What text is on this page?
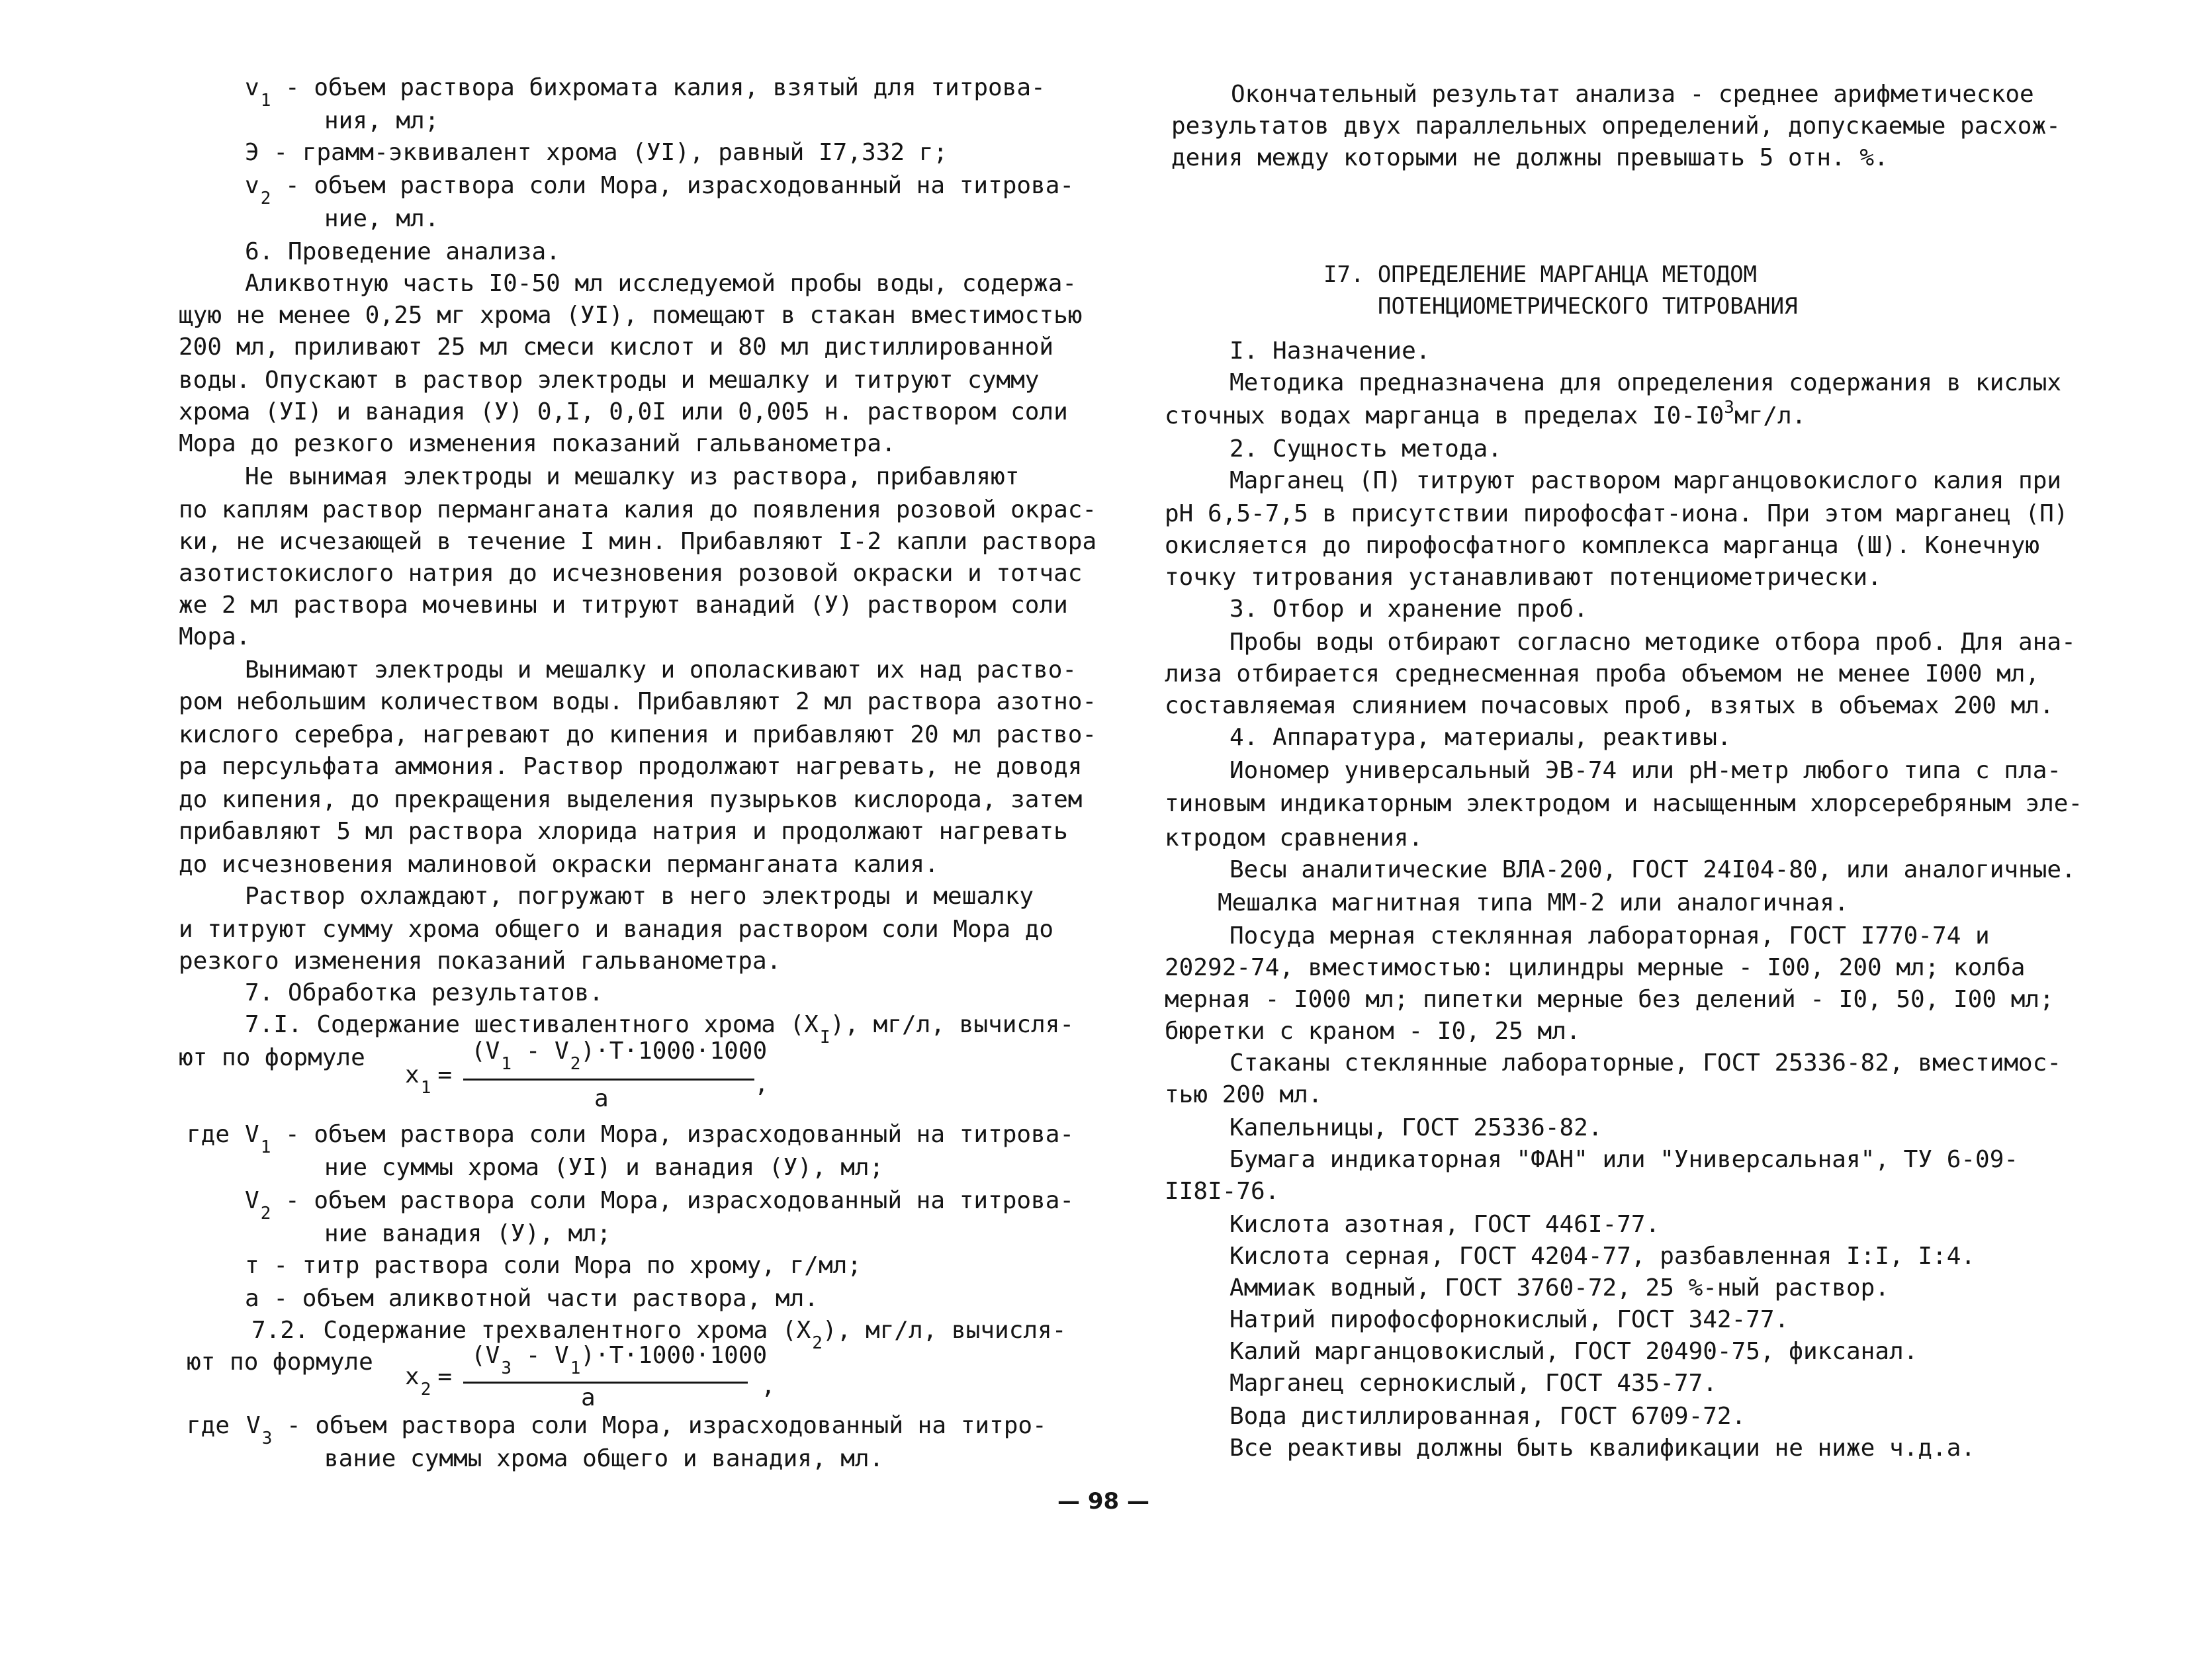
$v_1$ - объем раствора бихромата калия, взятый для титрова-
ния, мл;
Э - грамм-эквивалент хрома (УI), равный I7,332 г;
$v_2$ - объем раствора соли Мора, израсходованный на титрова-
ние, мл.
6. Проведение анализа.
Аликвотную часть I0-50 мл исследуемой пробы воды, содержа-
щую не менее 0,25 мг хрома (УI), помещают в стакан вместимостью
200 мл, приливают 25 мл смеси кислот и 80 мл дистиллированной
воды. Опускают в раствор электроды и мешалку и титруют сумму
хрома (УI) и ванадия (У) 0,I, 0,0I или 0,005 н. раствором соли
Мора до резкого изменения показаний гальванометра.
Не вынимая электроды и мешалку из раствора, прибавляют
по каплям раствор перманганата калия до появления розовой окрас-
ки, не исчезающей в течение I мин. Прибавляют I-2 капли раствора
азотистокислого натрия до исчезновения розовой окраски и тотчас
же 2 мл раствора мочевины и титруют ванадий (У) раствором соли
Мора.
Вынимают электроды и мешалку и ополаскивают их над раство-
ром небольшим количеством воды. Прибавляют 2 мл раствора азотно-
кислого серебра, нагревают до кипения и прибавляют 20 мл раство-
ра персульфата аммония. Раствор продолжают нагревать, не доводя
до кипения, до прекращения выделения пузырьков кислорода, затем
прибавляют 5 мл раствора хлорида натрия и продолжают нагревать
до исчезновения малиновой окраски перманганата калия.
Раствор охлаждают, погружают в него электроды и мешалку
и титруют сумму хрома общего и ванадия раствором соли Мора до
резкого изменения показаний гальванометра.
7. Обработка результатов.
7.I. Содержание шестивалентного хрома $(X_I)$, мг/л, вычисля-
ют по формуле
$x_1$ =
$(V_1 - V_2)\cdot Т\cdot 1000\cdot 1000$
а
,
где $V_1$ - объем раствора соли Мора, израсходованный на титрова-
ние суммы хрома (УI) и ванадия (У), мл;
$V_2$ - объем раствора соли Мора, израсходованный на титрова-
ние ванадия (У), мл;
т - титр раствора соли Мора по хрому, г/мл;
а - объем аликвотной части раствора, мл.
7.2. Содержание трехвалентного хрома $(X_2)$, мг/л, вычисля-
ют по формуле
$x_2$ =
$(V_3 - V_1)\cdot T\cdot 1000\cdot 1000$
а	,
где $V_3$ - объем раствора соли Мора, израсходованный на титро-
вание суммы хрома общего и ванадия, мл.
Окончательный результат анализа - среднее арифметическое
результатов двух параллельных определений, допускаемые расхож-
дения между которыми не должны превышать 5 отн. %.
I7. ОПРЕДЕЛЕНИЕ МАРГАНЦА МЕТОДОМ
ПОТЕНЦИОМЕТРИЧЕСКОГО ТИТРОВАНИЯ
I. Назначение.
Методика предназначена для определения содержания в кислых
сточных водах марганца в пределах $I0-I0^3мг/л$.
2. Сущность метода.
Марганец (П) титруют раствором марганцовокислого калия при
pH 6,5-7,5 в присутствии пирофосфат-иона. При этом марганец (П)
окисляется до пирофосфатного комплекса марганца (Ш). Конечную
точку титрования устанавливают потенциометрически.
3. Отбор и хранение проб.
Пробы воды отбирают согласно методике отбора проб. Для ана-
лиза отбирается среднесменная проба объемом не менее I000 мл,
составляемая слиянием почасовых проб, взятых в объемах 200 мл.
4. Аппаратура, материалы, реактивы.
Иономер универсальный ЭВ-74 или pH-метр любого типа с пла-
тиновым индикаторным электродом и насыщенным хлорсеребряным эле-
ктродом сравнения.
Весы аналитические ВЛА-200, ГОСТ 24I04-80, или аналогичные.
Мешалка магнитная типа ММ-2 или аналогичная.
Посуда мерная стеклянная лабораторная, ГОСТ I770-74 и
20292-74, вместимостью: цилиндры мерные - I00, 200 мл; колба
мерная - I000 мл; пипетки мерные без делений - I0, 50, I00 мл;
бюретки с краном - I0, 25 мл.
Стаканы стеклянные лабораторные, ГОСТ 25336-82, вместимос-
тью 200 мл.
Капельницы, ГОСТ 25336-82.
Бумага индикаторная "ФАН" или "Универсальная", ТУ 6-09-
II8I-76.
Кислота азотная, ГОСТ 446I-77.
Кислота серная, ГОСТ 4204-77, разбавленная I:I, I:4.
Аммиак водный, ГОСТ 3760-72, 25 %-ный раствор.
Натрий пирофосфорнокислый, ГОСТ 342-77.
Калий марганцовокислый, ГОСТ 20490-75, фиксанал.
Марганец сернокислый, ГОСТ 435-77.
Вода дистиллированная, ГОСТ 6709-72.
Все реактивы должны быть квалификации не ниже ч.д.а.
— 98 —
